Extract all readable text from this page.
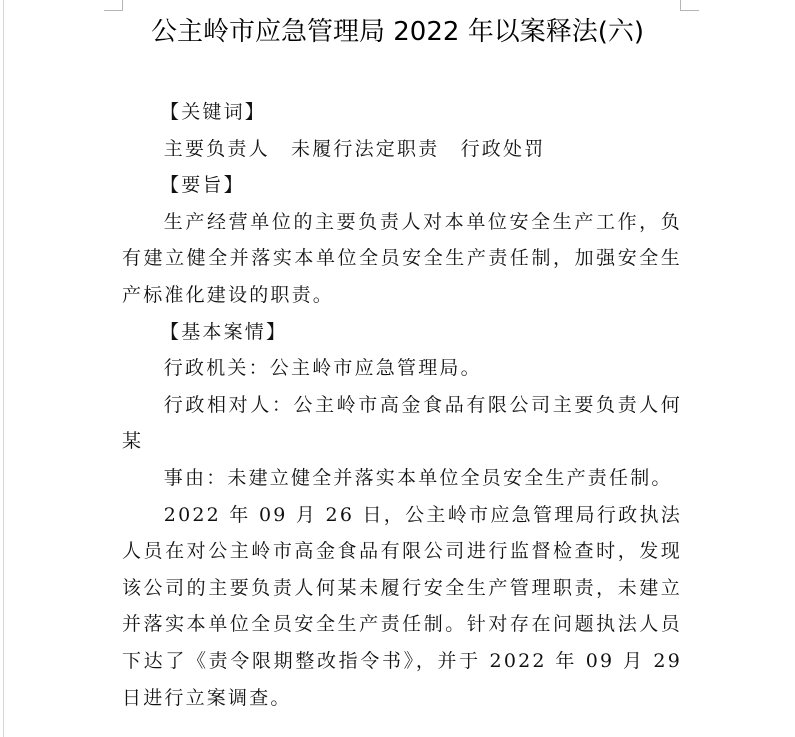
公主岭市应急管理局 2022 年以案释法(六)

【关键词】

主要负责人　未履行法定职责　行政处罚

【要旨】

生产经营单位的主要负责人对本单位安全生产工作，负有建立健全并落实本单位全员安全生产责任制，加强安全生产标准化建设的职责。

【基本案情】

行政机关：公主岭市应急管理局。

行政相对人：公主岭市高金食品有限公司主要负责人何某

事由：未建立健全并落实本单位全员安全生产责任制。

2022 年 09 月 26 日，公主岭市应急管理局行政执法人员在对公主岭市高金食品有限公司进行监督检查时，发现该公司的主要负责人何某未履行安全生产管理职责，未建立并落实本单位全员安全生产责任制。针对存在问题执法人员下达了《责令限期整改指令书》，并于 2022 年 09 月 29 日进行立案调查。
